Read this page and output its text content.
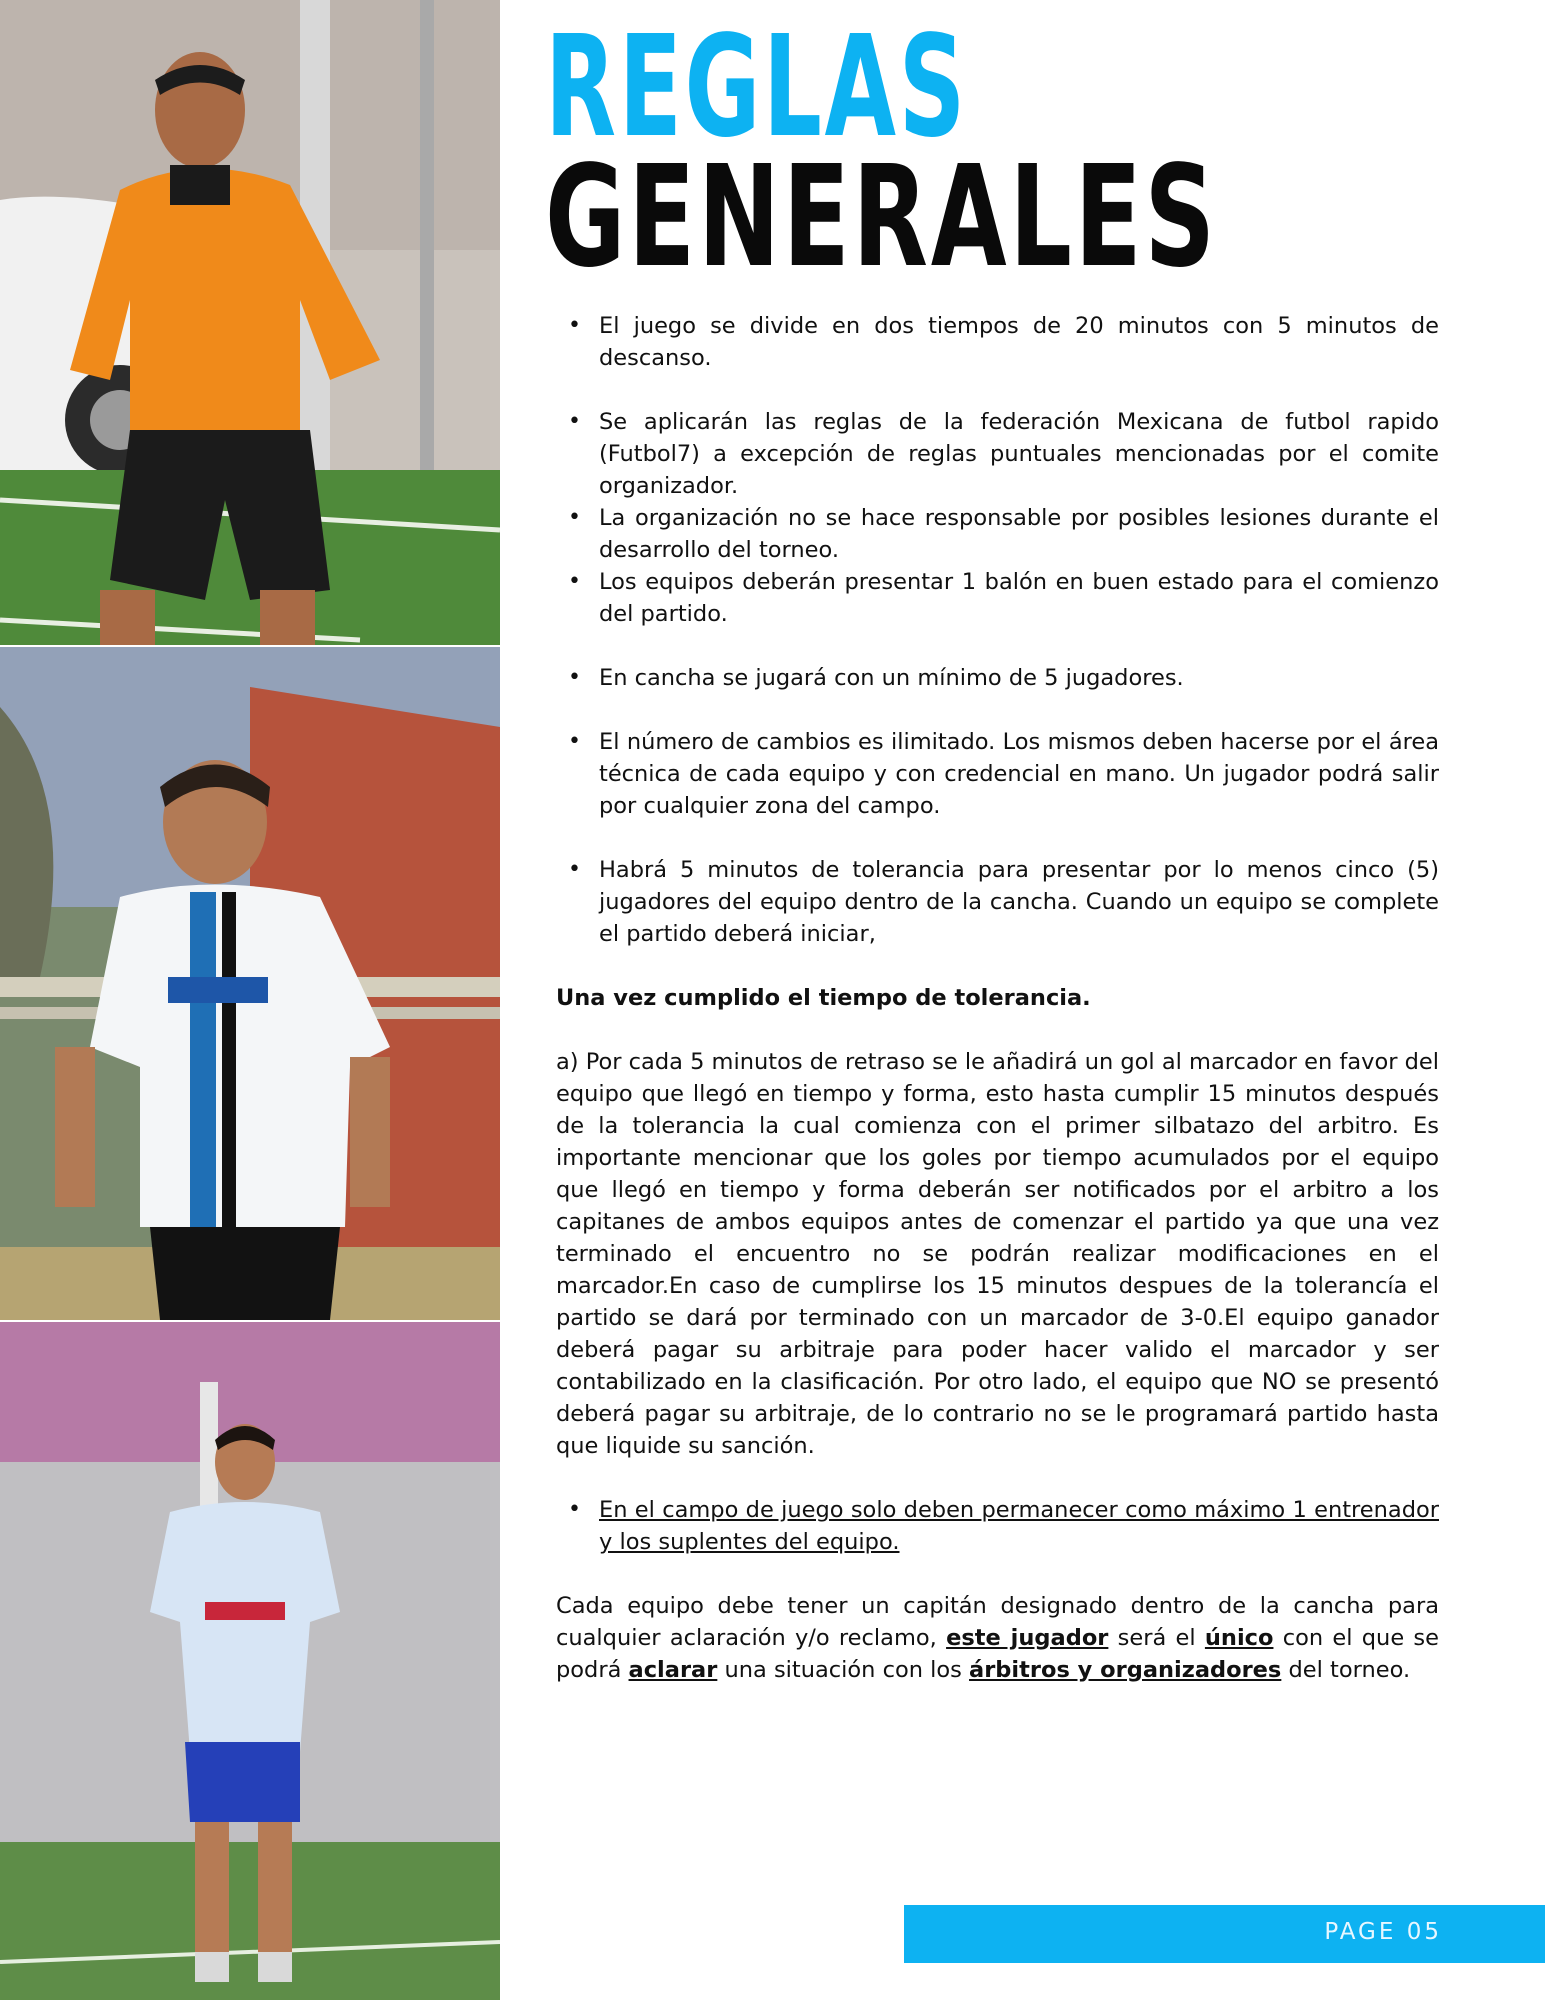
REGLAS
GENERALES
• El juego se divide en dos tiempos de 20 minutos con 5 minutos de descanso.
• Se aplicarán las reglas de la federación Mexicana de futbol rapido (Futbol7) a excepción de reglas puntuales mencionadas por el comite organizador.
• La organización no se hace responsable por posibles lesiones durante el desarrollo del torneo.
• Los equipos deberán presentar 1 balón en buen estado para el comienzo del partido.
• En cancha se jugará con un mínimo de 5 jugadores.
• El número de cambios es ilimitado. Los mismos deben hacerse por el área técnica de cada equipo y con credencial en mano. Un jugador podrá salir por cualquier zona del campo.
• Habrá 5 minutos de tolerancia para presentar por lo menos cinco (5) jugadores del equipo dentro de la cancha. Cuando un equipo se complete el partido deberá iniciar,

Una vez cumplido el tiempo de tolerancia.

a) Por cada 5 minutos de retraso se le añadirá un gol al marcador en favor del equipo que llegó en tiempo y forma, esto hasta cumplir 15 minutos después de la tolerancia la cual comienza con el primer silbatazo del arbitro. Es importante mencionar que los goles por tiempo acumulados por el equipo que llegó en tiempo y forma deberán ser notificados por el arbitro a los capitanes de ambos equipos antes de comenzar el partido ya que una vez terminado el encuentro no se podrán realizar modificaciones en el marcador.En caso de cumplirse los 15 minutos despues de la tolerancía el partido se dará por terminado con un marcador de 3-0.El equipo ganador deberá pagar su arbitraje para poder hacer valido el marcador y ser contabilizado en la clasificación. Por otro lado, el equipo que NO se presentó deberá pagar su arbitraje, de lo contrario no se le programará partido hasta que liquide su sanción.

• En el campo de juego solo deben permanecer como máximo 1 entrenador y los suplentes del equipo.

Cada equipo debe tener un capitán designado dentro de la cancha para cualquier aclaración y/o reclamo, este jugador será el único con el que se podrá aclarar una situación con los árbitros y organizadores del torneo.

PAGE 05
